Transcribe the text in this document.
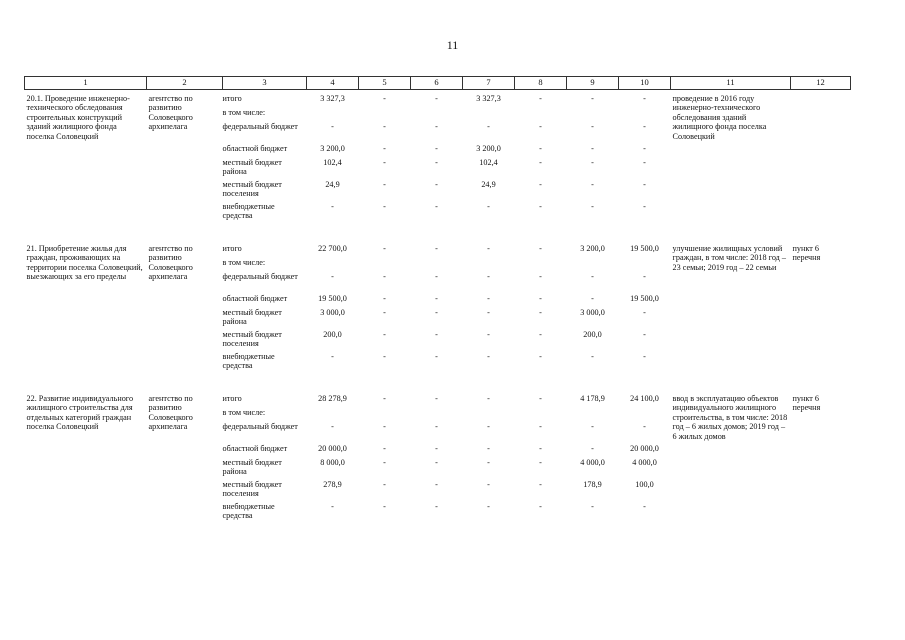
11
1	2	3	4	5	6	7	8	9	10	11	12
20.1. Проведение инженерно-технического обследования строительных конструкций зданий жилищного фонда поселка Соловецкий	агентство по развитию Соловецкого архипелага	итого	3 327,3	-	-	3 327,3	-	-	-	проведение в 2016 году инженерно-технического обследования зданий жилищного фонда поселка Соловецкий	
		в том числе:									
		федеральный бюджет	-	-	-	-	-	-	-		
		областной бюджет	3 200,0	-	-	3 200,0	-	-	-		
		местный бюджет района	102,4	-	-	102,4	-	-	-		
		местный бюджет поселения	24,9	-	-	24,9	-	-	-		
		внебюджетные средства	-	-	-	-	-	-	-		

21. Приобретение жилья для граждан, проживающих на территории поселка Соловецкий, выезжающих за его пределы	агентство по развитию Соловецкого архипелага	итого	22 700,0	-	-	-	-	3 200,0	19 500,0	улучшение жилищных условий граждан, в том числе: 2018 год – 23 семьи; 2019 год – 22 семьи	пункт 6 перечня
		в том числе:									
		федеральный бюджет	-	-	-	-	-	-	-		
		областной бюджет	19 500,0	-	-	-	-	-	19 500,0		
		местный бюджет района	3 000,0	-	-	-	-	3 000,0	-		
		местный бюджет поселения	200,0	-	-	-	-	200,0	-		
		внебюджетные средства	-	-	-	-	-	-	-		

22. Развитие индивидуального жилищного строительства для отдельных категорий граждан поселка Соловецкий	агентство по развитию Соловецкого архипелага	итого	28 278,9	-	-	-	-	4 178,9	24 100,0	ввод в эксплуатацию объектов индивидуального жилищного строительства, в том числе: 2018 год – 6 жилых домов; 2019 год – 6 жилых домов	пункт 6 перечня
		в том числе:									
		федеральный бюджет	-	-	-	-	-	-	-		
		областной бюджет	20 000,0	-	-	-	-	-	20 000,0		
		местный бюджет района	8 000,0	-	-	-	-	4 000,0	4 000,0		
		местный бюджет поселения	278,9	-	-	-	-	178,9	100,0		
		внебюджетные средства	-	-	-	-	-	-	-		
